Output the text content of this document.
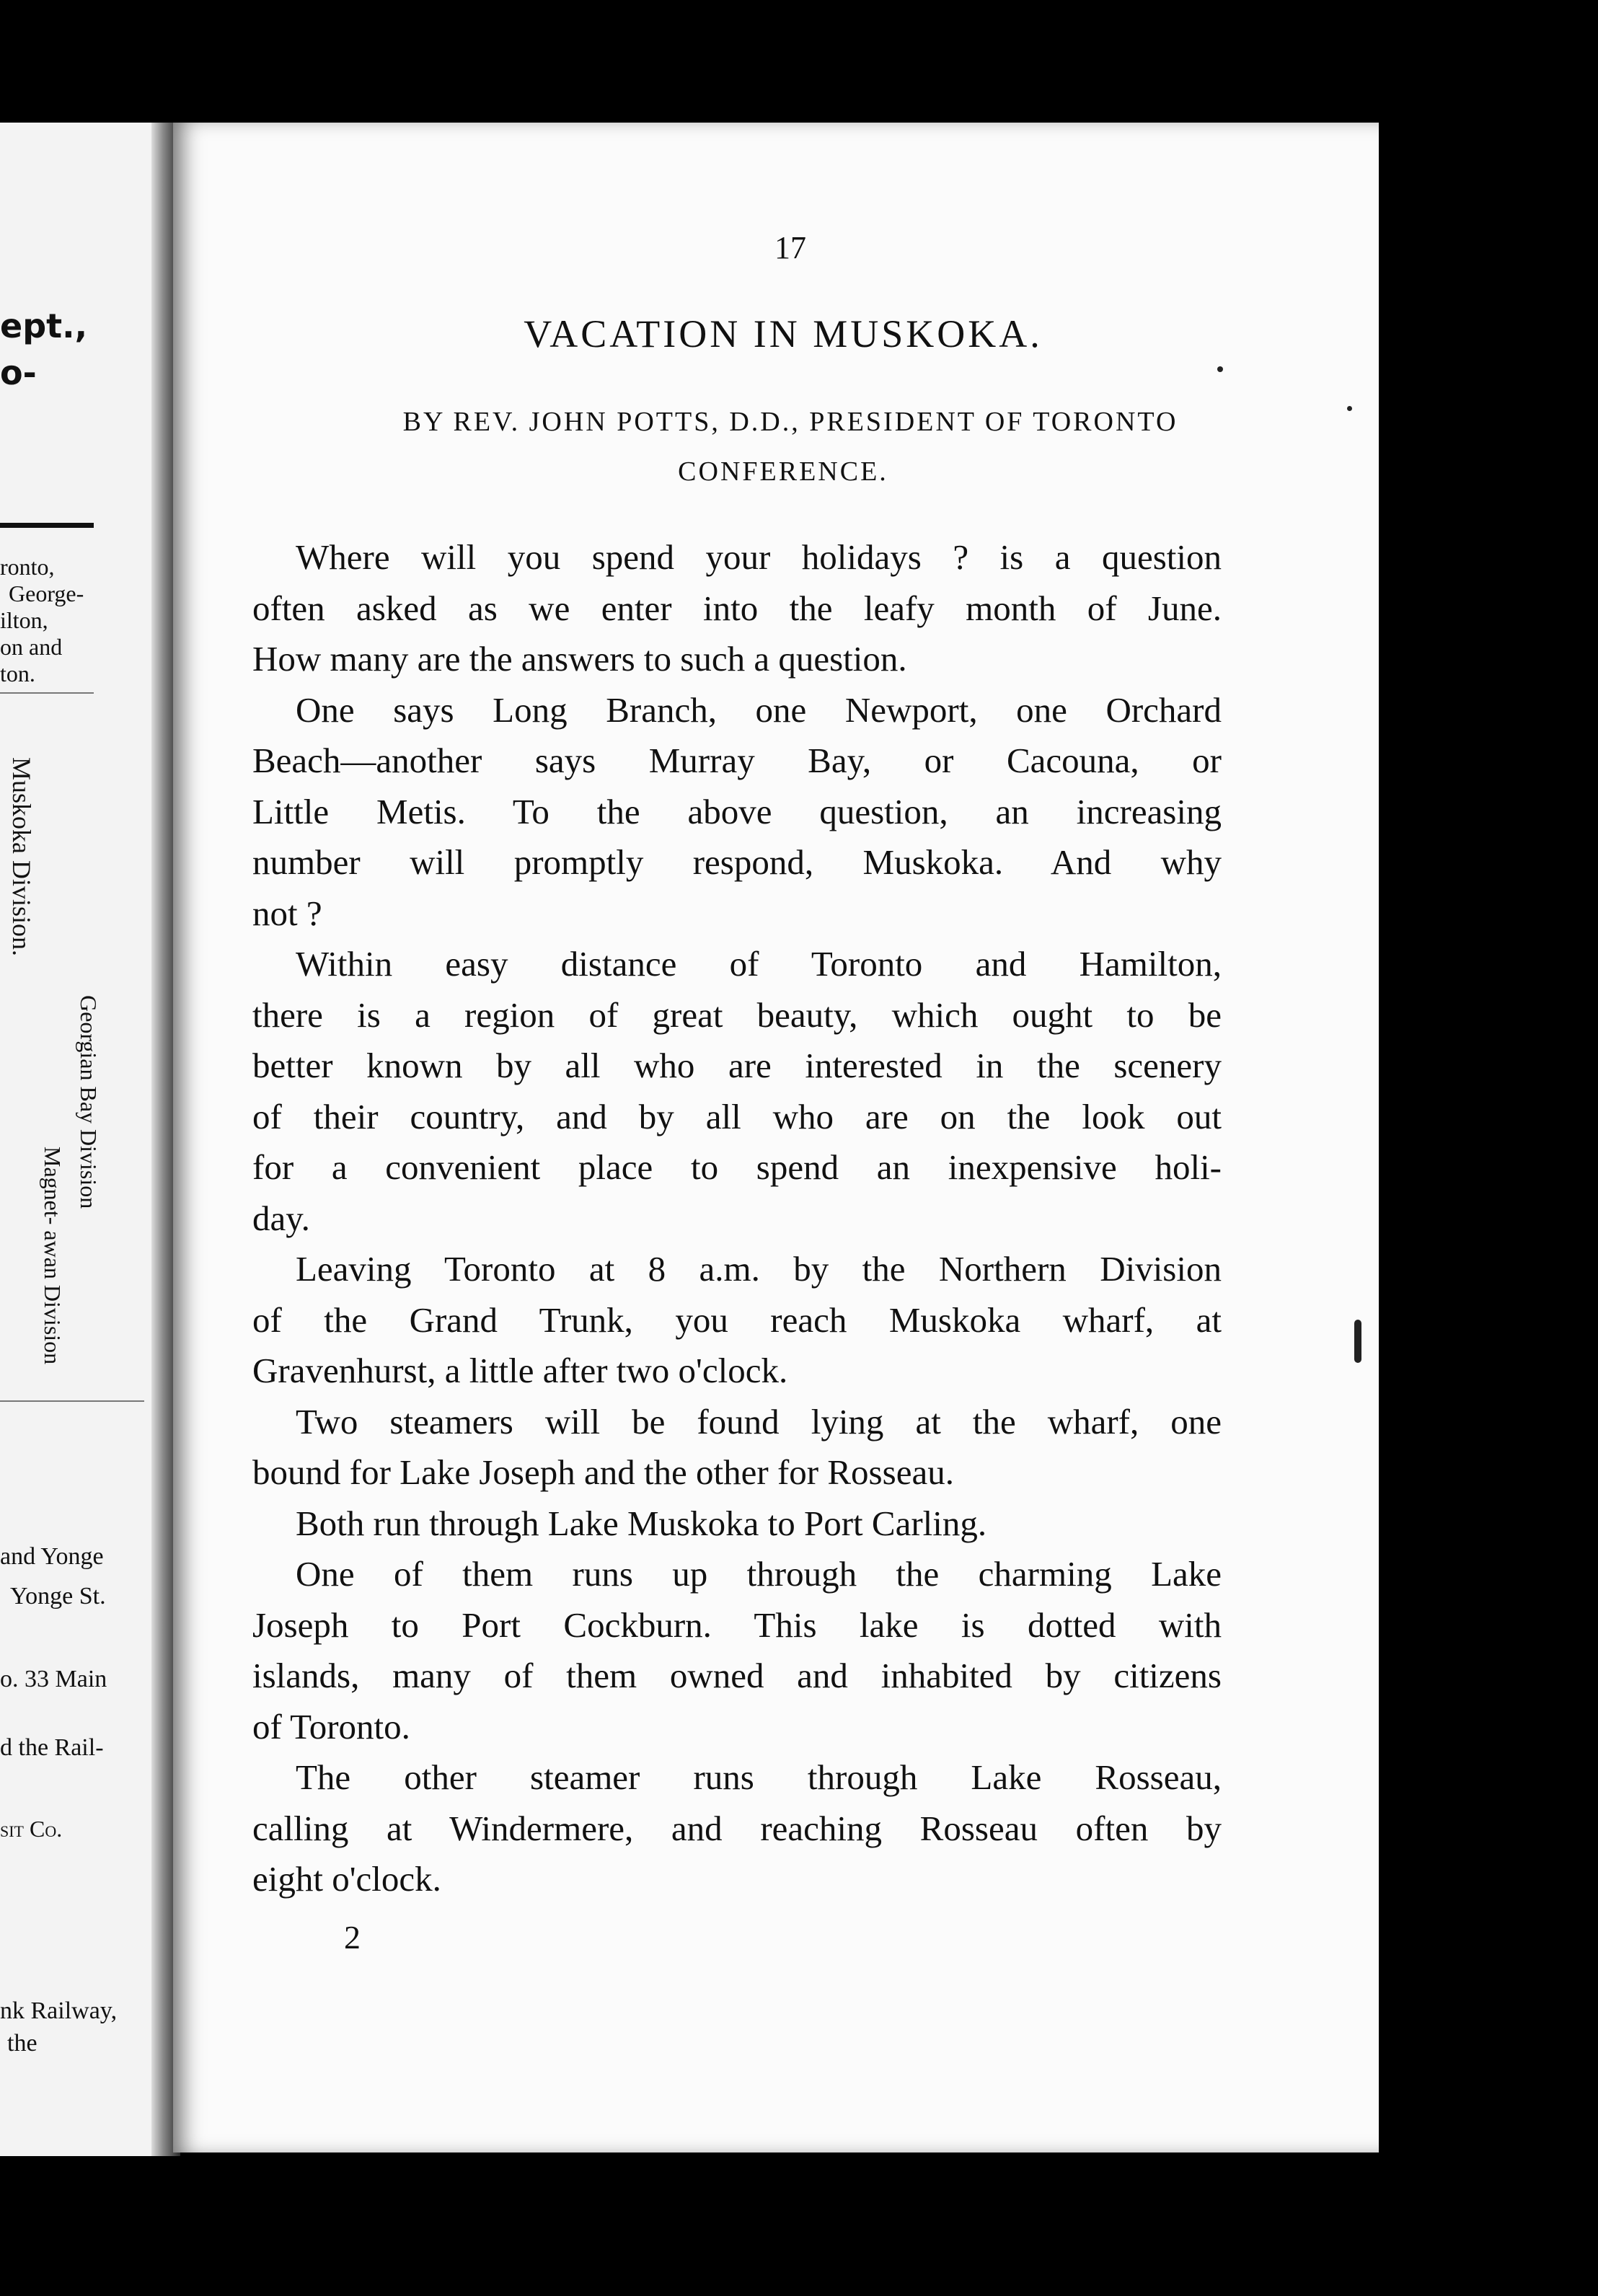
ept.,
o-
ronto,
George-
ilton,
on and
ton.
Muskoka Division.
Georgian Bay Division
Magnet- awan Division
and Yonge
Yonge St.
o. 33 Main
d the Rail-
sit Co.
nk Railway,
the
17
VACATION IN MUSKOKA.
BY REV. JOHN POTTS, D.D., PRESIDENT OF TORONTO
CONFERENCE.
2
Where will you spend your holidays ? is a question
often asked as we enter into the leafy month of June.
How many are the answers to such a question.
One says Long Branch, one Newport, one Orchard
Beach—another says Murray Bay, or Cacouna, or
Little Metis. To the above question, an increasing
number will promptly respond, Muskoka. And why
not ?
Within easy distance of Toronto and Hamilton,
there is a region of great beauty, which ought to be
better known by all who are interested in the scenery
of their country, and by all who are on the look out
for a convenient place to spend an inexpensive holi-
day.
Leaving Toronto at 8 a.m. by the Northern Division
of the Grand Trunk, you reach Muskoka wharf, at
Gravenhurst, a little after two o'clock.
Two steamers will be found lying at the wharf, one
bound for Lake Joseph and the other for Rosseau.
Both run through Lake Muskoka to Port Carling.
One of them runs up through the charming Lake
Joseph to Port Cockburn. This lake is dotted with
islands, many of them owned and inhabited by citizens
of Toronto.
The other steamer runs through Lake Rosseau,
calling at Windermere, and reaching Rosseau often by
eight o'clock.
